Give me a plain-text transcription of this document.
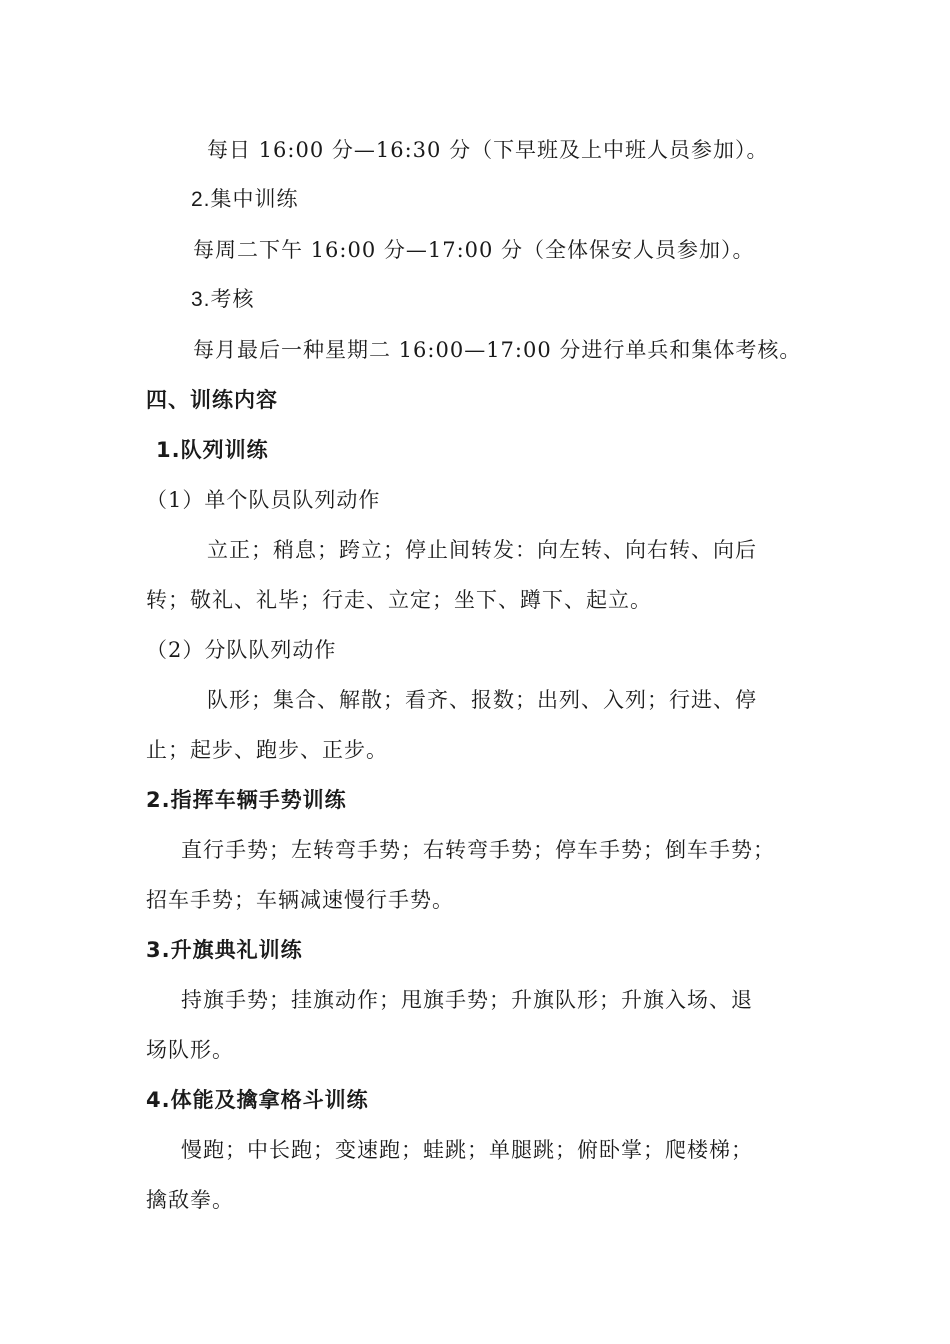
每日 16:00 分—16:30 分（下早班及上中班人员参加）。
2.集中训练
每周二下午 16:00 分—17:00 分（全体保安人员参加）。
3.考核
每月最后一种星期二 16:00—17:00 分进行单兵和集体考核。
四、训练内容
1.队列训练
（1）单个队员队列动作
立正；稍息；跨立；停止间转发：向左转、向右转、向后
转；敬礼、礼毕；行走、立定；坐下、蹲下、起立。
（2）分队队列动作
队形；集合、解散；看齐、报数；出列、入列；行进、停
止；起步、跑步、正步。
2.指挥车辆手势训练
直行手势；左转弯手势；右转弯手势；停车手势；倒车手势；
招车手势；车辆减速慢行手势。
3.升旗典礼训练
持旗手势；挂旗动作；甩旗手势；升旗队形；升旗入场、退
场队形。
4.体能及擒拿格斗训练
慢跑；中长跑；变速跑；蛙跳；单腿跳；俯卧掌；爬楼梯；
擒敌拳。
